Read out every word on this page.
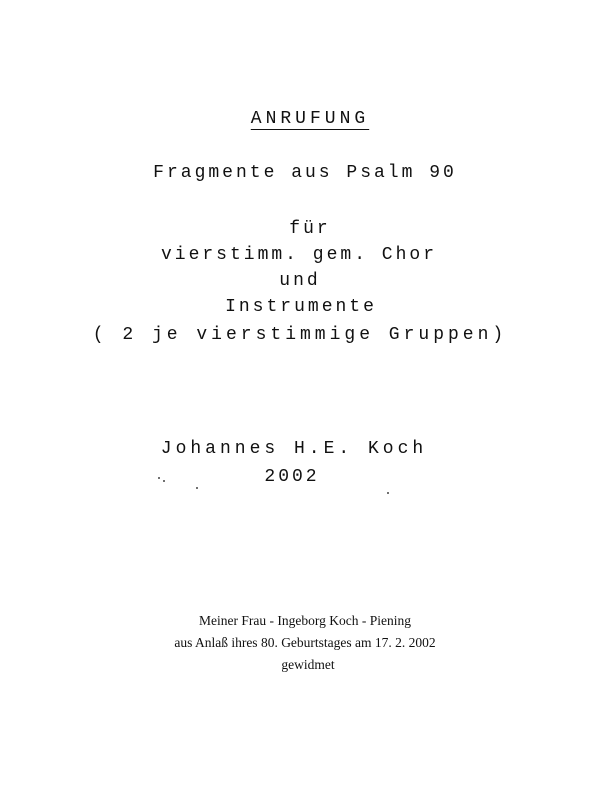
ANRUFUNG
Fragmente aus Psalm 90
für
vierstimm. gem. Chor
und
Instrumente
( 2 je vierstimmige Gruppen)
Johannes H.E. Koch
2002
Meiner Frau - Ingeborg Koch - Piening
aus Anlaß ihres 80. Geburtstages am 17. 2. 2002
gewidmet
